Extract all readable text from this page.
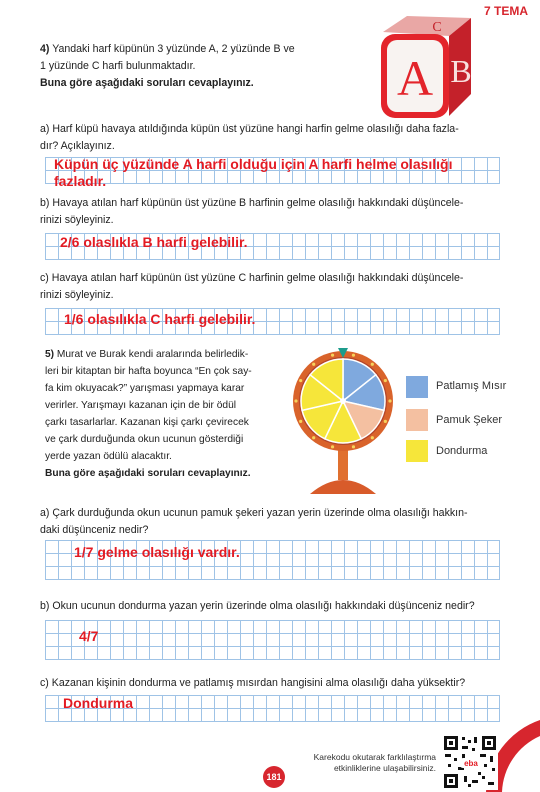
7 TEMA
4) Yandaki harf küpünün 3 yüzünde A, 2 yüzünde B ve
1 yüzünde C harfi bulunmaktadır.
Buna göre aşağıdaki soruları cevaplayınız.	A B
C
a) Harf küpü havaya atıldığında küpün üst yüzüne hangi harfin gelme olasılığı daha fazla-
dır? Açıklayınız.
Küpün üç yüzünde A harfi olduğu için A harfi helme olasılığı
fazladır.
b) Havaya atılan harf küpünün üst yüzüne B harfinin gelme olasılığı hakkındaki düşüncele-
rinizi söyleyiniz.
2/6 olaslıkla B harfi gelebilir.
c) Havaya atılan harf küpünün üst yüzüne C harfinin gelme olasılığı hakkındaki düşüncele-
rinizi söyleyiniz.
1/6 olasılıkla C harfi gelebilir.
5) Murat ve Burak kendi aralarında belirledik-
leri bir kitaptan bir hafta boyunca “En çok say-
fa kim okuyacak?” yarışması yapmaya karar
verirler. Yarışmayı kazanan için de bir ödül
çarkı tasarlarlar. Kazanan kişi çarkı çevirecek
ve çark durduğunda okun ucunun gösterdiği
yerde yazan ödülü alacaktır.
Buna göre aşağıdaki soruları cevaplayınız.
Patlamış Mısır
Pamuk Şeker
Dondurma
a) Çark durduğunda okun ucunun pamuk şekeri yazan yerin üzerinde olma olasılığı hakkın-
daki düşünceniz nedir?
1/7 gelme olasılığı vardır.
b) Okun ucunun dondurma yazan yerin üzerinde olma olasılığı hakkındaki düşünceniz nedir?
4/7
c) Kazanan kişinin dondurma ve patlamış mısırdan hangisini alma olasılığı daha yüksektir?
Dondurma
Karekodu okutarak farklılaştırma
etkinliklerine ulaşabilirsiniz.	eba
181
